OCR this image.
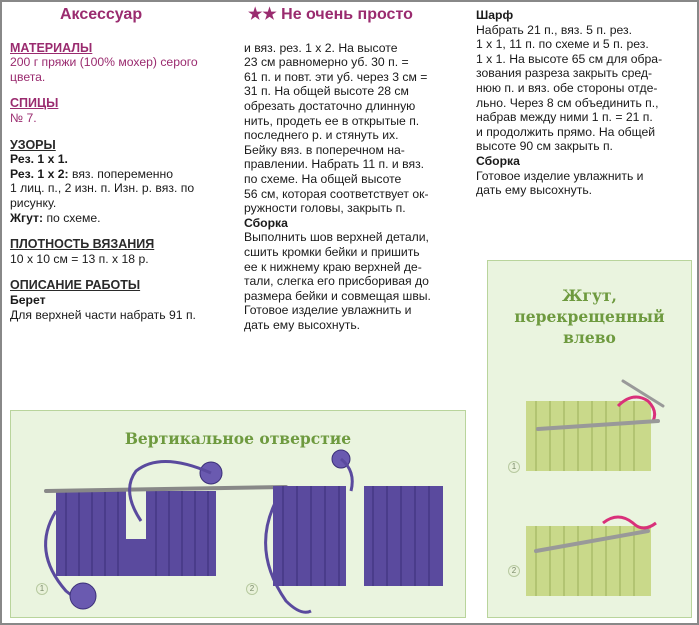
Аксессуар
МАТЕРИАЛЫ
200 г пряжи (100% мохер) серого
цвета.
СПИЦЫ
№ 7.
УЗОРЫ
Рез. 1 х 1.
Рез. 1 х 2: вяз. попеременно
1 лиц. п., 2 изн. п. Изн. р. вяз. по
рисунку.
Жгут: по схеме.
ПЛОТНОСТЬ ВЯЗАНИЯ
10 х 10 см = 13 п. х 18 р.
ОПИСАНИЕ РАБОТЫ
Берет
Для верхней части набрать 91 п.
★★ Не очень просто
и вяз. рез. 1 х 2. На высоте
23 см равномерно уб. 30 п. =
61 п. и повт. эти уб. через 3 см =
31 п. На общей высоте 28 см
обрезать достаточно длинную
нить, продеть ее в открытые п.
последнего р. и стянуть их.
Бейку вяз. в поперечном на-
правлении. Набрать 11 п. и вяз.
по схеме. На общей высоте
56 см, которая соответствует ок-
ружности головы, закрыть п.
Сборка
Выполнить шов верхней детали,
сшить кромки бейки и пришить
ее к нижнему краю верхней де-
тали, слегка его присборивая до
размера бейки и совмещая швы.
Готовое изделие увлажнить и
дать ему высохнуть.
Шарф
Набрать 21 п., вяз. 5 п. рез.
1 х 1, 11 п. по схеме и 5 п. рез.
1 х 1. На высоте 65 см для обра-
зования разреза закрыть сред-
нюю п. и вяз. обе стороны отде-
льно. Через 8 см объединить п.,
набрав между ними 1 п. = 21 п.
и продолжить прямо. На общей
высоте 90 см закрыть п.
Сборка
Готовое изделие увлажнить и
дать ему высохнуть.
Вертикальное отверстие
1	2
Жгут,
перекрещенный
влево
1
2
